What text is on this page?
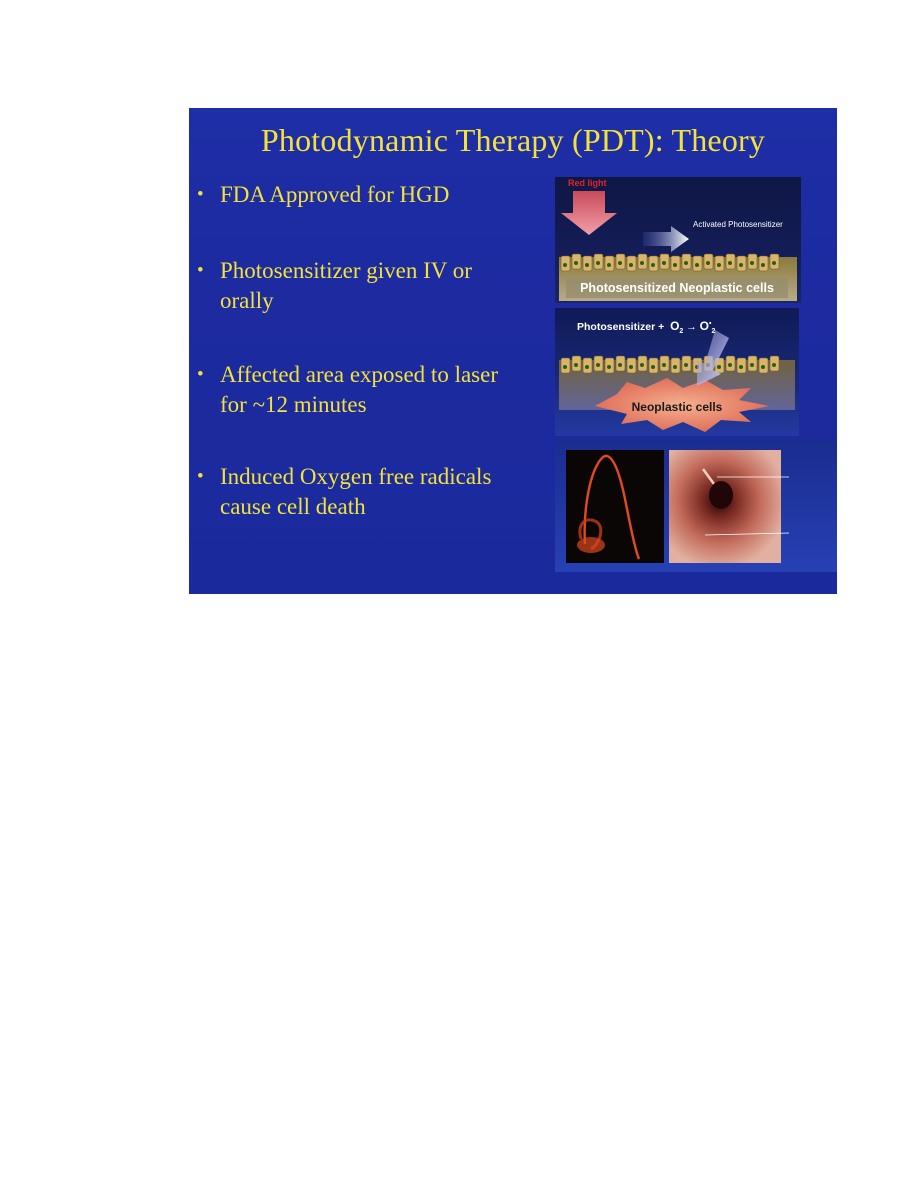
Photodynamic Therapy (PDT): Theory
• FDA Approved for HGD
• Photosensitizer given IV or
orally
• Affected area exposed to laser
for ~12 minutes
• Induced Oxygen free radicals
cause cell death
Red light
Activated Photosensitizer
Photosensitized Neoplastic cells
Photosensitizer + $O_2 \to O^•_2$
Neoplastic cells
